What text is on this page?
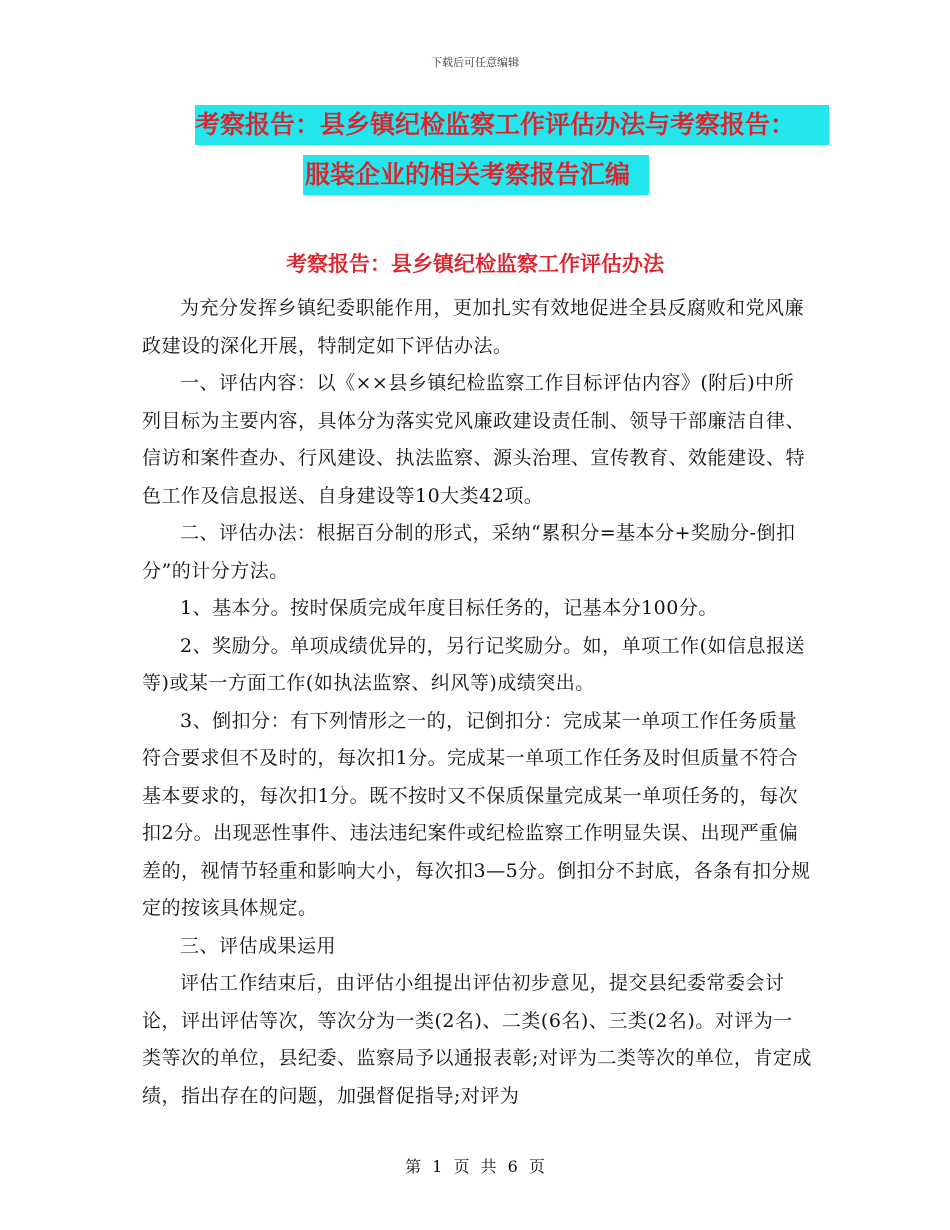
下载后可任意编辑
考察报告：县乡镇纪检监察工作评估办法与考察报告：
服装企业的相关考察报告汇编
考察报告：县乡镇纪检监察工作评估办法

为充分发挥乡镇纪委职能作用，更加扎实有效地促进全县反腐败和党风廉政建设的深化开展，特制定如下评估办法。

一、评估内容：以《××县乡镇纪检监察工作目标评估内容》(附后)中所列目标为主要内容，具体分为落实党风廉政建设责任制、领导干部廉洁自律、信访和案件查办、行风建设、执法监察、源头治理、宣传教育、效能建设、特色工作及信息报送、自身建设等10大类42项。

二、评估办法：根据百分制的形式，采纳“累积分=基本分+奖励分-倒扣分”的计分方法。

1、基本分。按时保质完成年度目标任务的，记基本分100分。

2、奖励分。单项成绩优异的，另行记奖励分。如，单项工作(如信息报送等)或某一方面工作(如执法监察、纠风等)成绩突出。

3、倒扣分：有下列情形之一的，记倒扣分：完成某一单项工作任务质量符合要求但不及时的，每次扣1分。完成某一单项工作任务及时但质量不符合基本要求的，每次扣1分。既不按时又不保质保量完成某一单项任务的，每次扣2分。出现恶性事件、违法违纪案件或纪检监察工作明显失误、出现严重偏差的，视情节轻重和影响大小，每次扣3—5分。倒扣分不封底，各条有扣分规定的按该具体规定。

三、评估成果运用

评估工作结束后，由评估小组提出评估初步意见，提交县纪委常委会讨论，评出评估等次，等次分为一类(2名)、二类(6名)、三类(2名)。对评为一类等次的单位，县纪委、监察局予以通报表彰;对评为二类等次的单位，肯定成绩，指出存在的问题，加强督促指导;对评为

第 1 页 共 6 页
